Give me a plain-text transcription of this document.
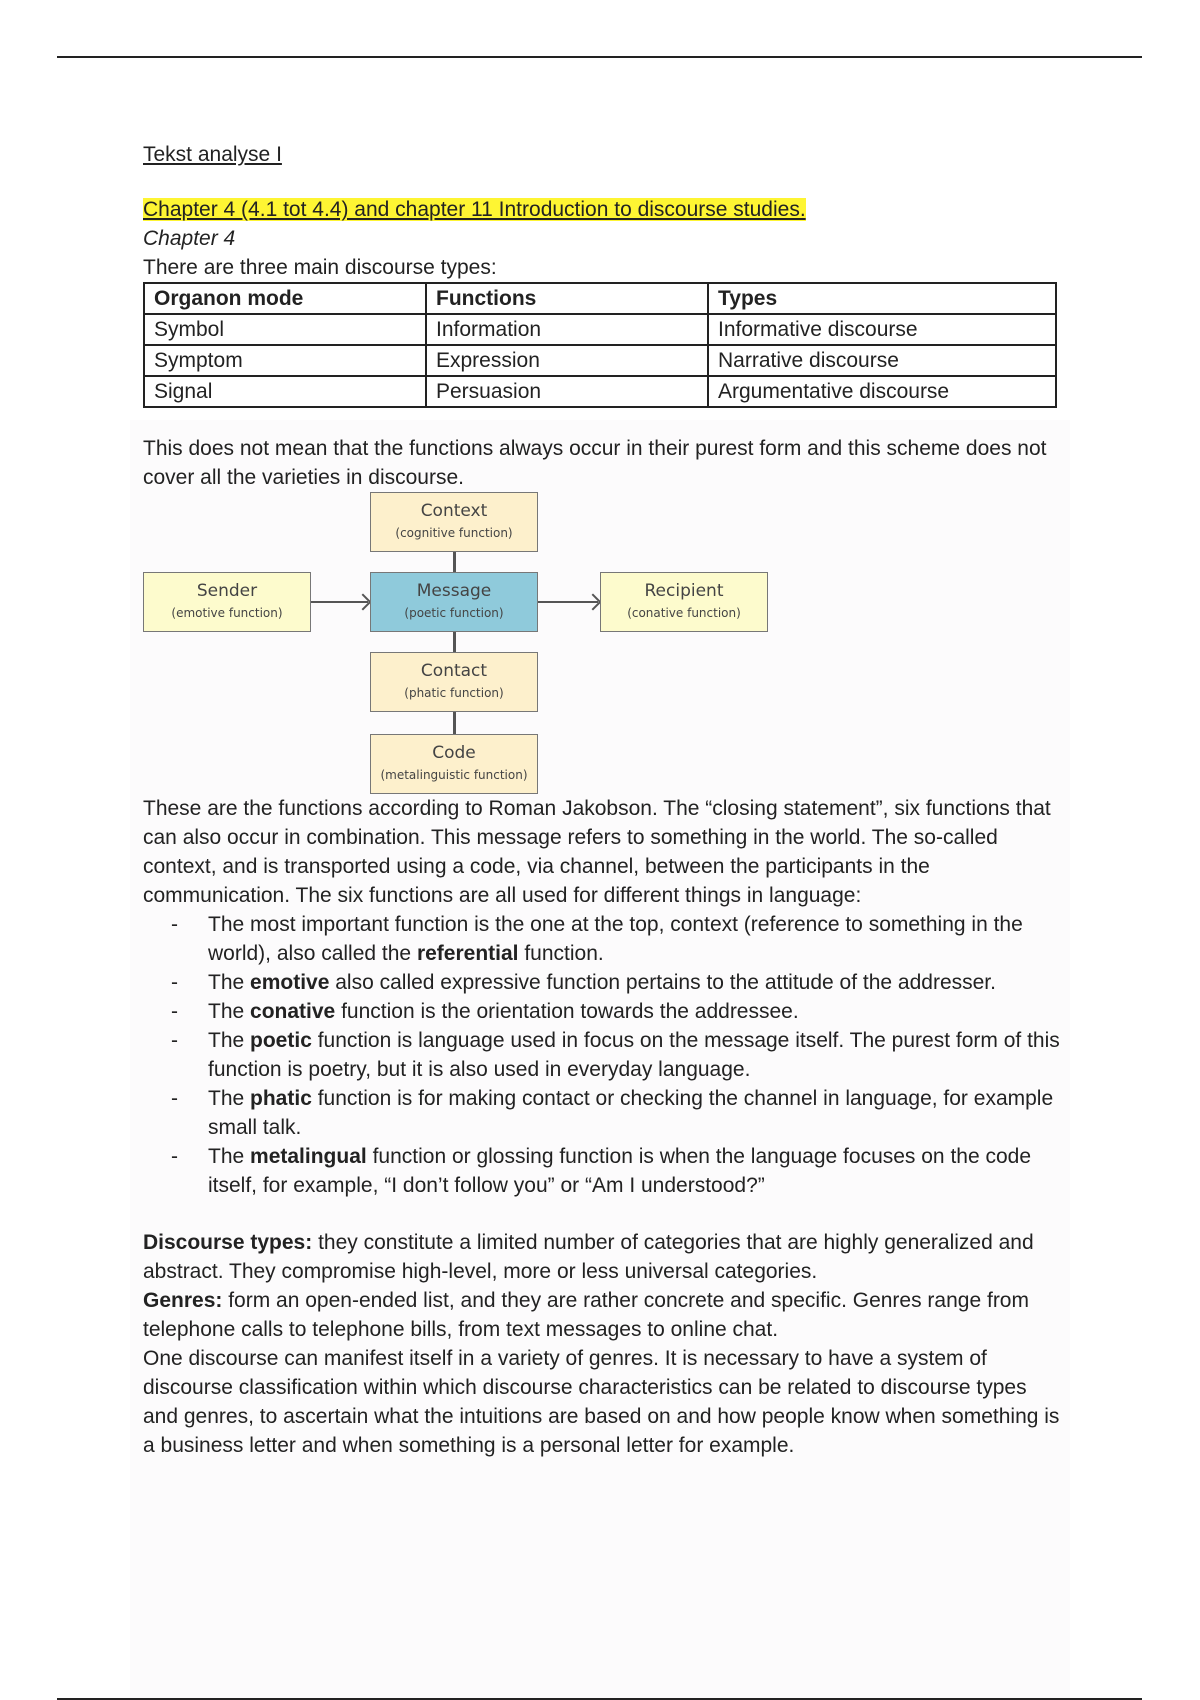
Tekst analyse I

Chapter 4 (4.1 tot 4.4) and chapter 11 Introduction to discourse studies.

Chapter 4

There are three main discourse types:

Organon mode	Functions	Types
Symbol	Information	Informative discourse
Symptom	Expression	Narrative discourse
Signal	Persuasion	Argumentative discourse

This does not mean that the functions always occur in their purest form and this scheme does not cover all the varieties in discourse.

Context
(cognitive function)
Sender
(emotive function)
Message
(poetic function)
Recipient
(conative function)
Contact
(phatic function)
Code
(metalinguistic function)

These are the functions according to Roman Jakobson. The “closing statement”, six functions that can also occur in combination. This message refers to something in the world. The so-called context, and is transported using a code, via channel, between the participants in the communication. The six functions are all used for different things in language:

- The most important function is the one at the top, context (reference to something in the world), also called the referential function.
- The emotive also called expressive function pertains to the attitude of the addresser.
- The conative function is the orientation towards the addressee.
- The poetic function is language used in focus on the message itself. The purest form of this function is poetry, but it is also used in everyday language.
- The phatic function is for making contact or checking the channel in language, for example small talk.
- The metalingual function or glossing function is when the language focuses on the code itself, for example, “I don’t follow you” or “Am I understood?”

Discourse types: they constitute a limited number of categories that are highly generalized and abstract. They compromise high-level, more or less universal categories.

Genres: form an open-ended list, and they are rather concrete and specific. Genres range from telephone calls to telephone bills, from text messages to online chat.

One discourse can manifest itself in a variety of genres. It is necessary to have a system of discourse classification within which discourse characteristics can be related to discourse types and genres, to ascertain what the intuitions are based on and how people know when something is a business letter and when something is a personal letter for example.
